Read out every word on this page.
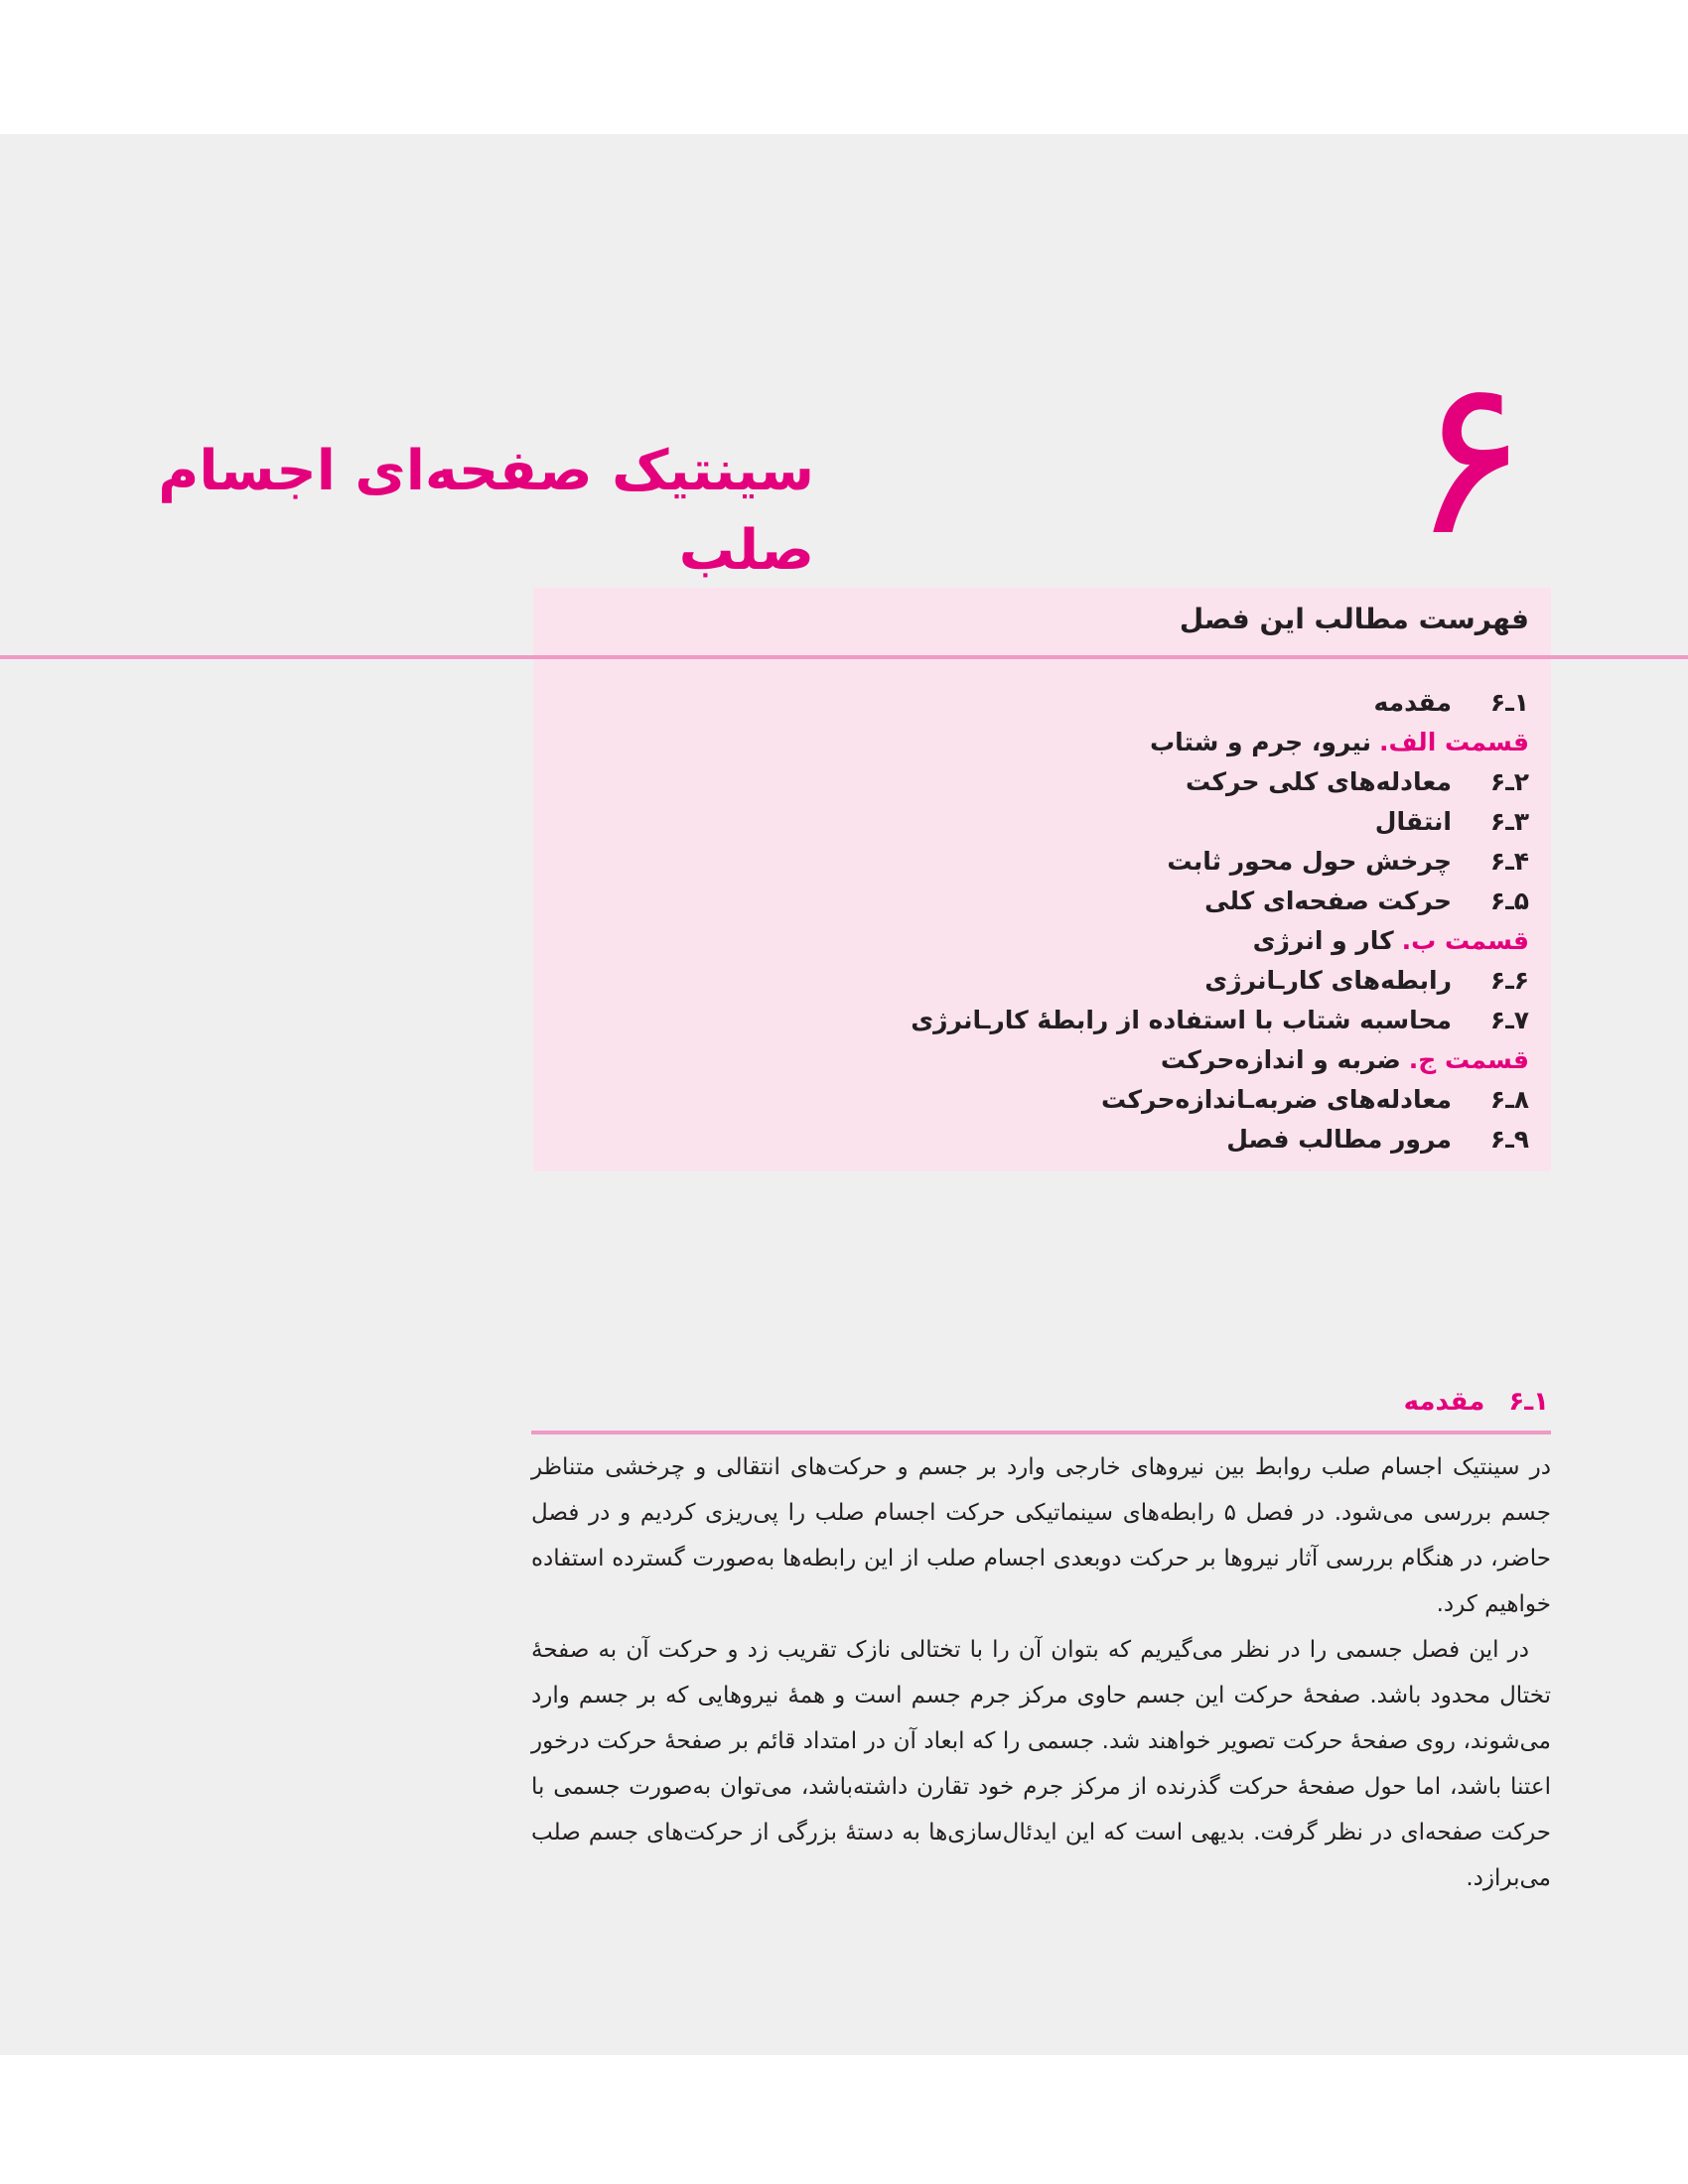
۶
سینتیک صفحه‌ای اجسام صلب
فهرست مطالب این فصل
۱ـ۶مقدمه
قسمت الف. نیرو، جرم و شتاب
۲ـ۶معادله‌های کلی حرکت
۳ـ۶انتقال
۴ـ۶چرخش حول محور ثابت
۵ـ۶حرکت صفحه‌ای کلی
قسمت ب. کار و انرژی
۶ـ۶رابطه‌های کارـانرژی
۷ـ۶محاسبه شتاب با استفاده از رابطهٔ کارـانرژی
قسمت ج. ضربه و اندازه‌حرکت
۸ـ۶معادله‌های ضربه‌ـاندازه‌حرکت
۹ـ۶مرور مطالب فصل
۱ـ۶مقدمه

در سینتیک اجسام صلب روابط بین نیروهای خارجی وارد بر جسم و حرکت‌های انتقالی و چرخشی متناظر جسم بررسی می‌شود. در فصل ۵ رابطه‌های سینماتیکی حرکت اجسام صلب را پی‌ریزی کردیم و در فصل حاضر، در هنگام بررسی آثار نیروها بر حرکت دوبعدی اجسام صلب از این رابطه‌ها به‌صورت گسترده استفاده خواهیم کرد.

در این فصل جسمی را در نظر می‌گیریم که بتوان آن را با تختالی نازک تقریب زد و حرکت آن به صفحهٔ تختال محدود باشد. صفحهٔ حرکت این جسم حاوی مرکز جرم جسم است و همهٔ نیروهایی که بر جسم وارد می‌شوند، روی صفحهٔ حرکت تصویر خواهند شد. جسمی را که ابعاد آن در امتداد قائم بر صفحهٔ حرکت درخور اعتنا باشد، اما حول صفحهٔ حرکت گذرنده از مرکز جرم خود تقارن داشته‌باشد، می‌توان به‌صورت جسمی با حرکت صفحه‌ای در نظر گرفت. بدیهی است که این ایدئال‌سازی‌ها به دستهٔ بزرگی از حرکت‌های جسم صلب می‌برازد.
